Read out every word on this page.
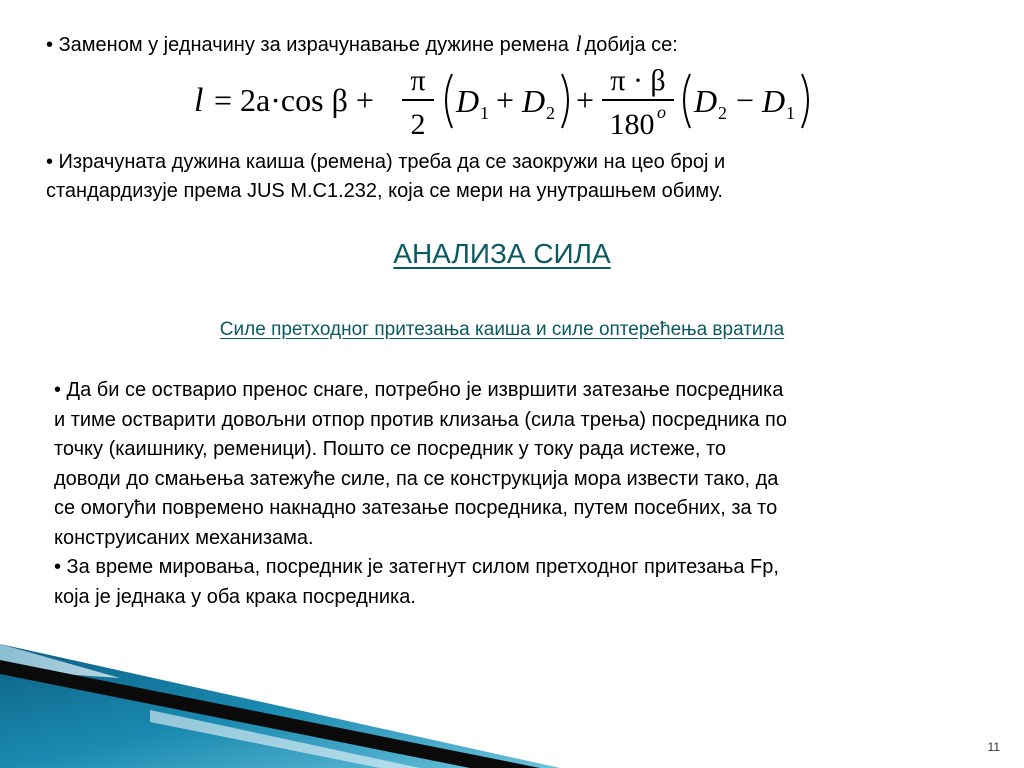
• Заменом у једначину за израчунавање дужине ремена l добија се:
l = 2a·cos β +
π
2
D 1 + D 2 +
π · β
180 o D 2 − D 1
• Израчуната дужина каиша (ремена) треба да се заокружи на цео број и
стандардизује према JUS M.C1.232, која се мери на унутрашњем обиму.
АНАЛИЗА СИЛА
Силе претходног притезања каиша и силе оптерећења вратила
• Да би се остварио пренос снаге, потребно је извршити затезање посредника
и тиме остварити довољни отпор против клизања (сила трења) посредника по
точку (каишнику, ременици). Пошто се посредник у току рада истеже, то
доводи до смањења затежуће силе, па се конструкција мора извести тако, да
се омогући повремено накнадно затезање посредника, путем посебних, за то
конструисаних механизама.
• За време мировања, посредник је затегнут силом претходног притезања Fp,
која је једнака у оба крака посредника.
11
